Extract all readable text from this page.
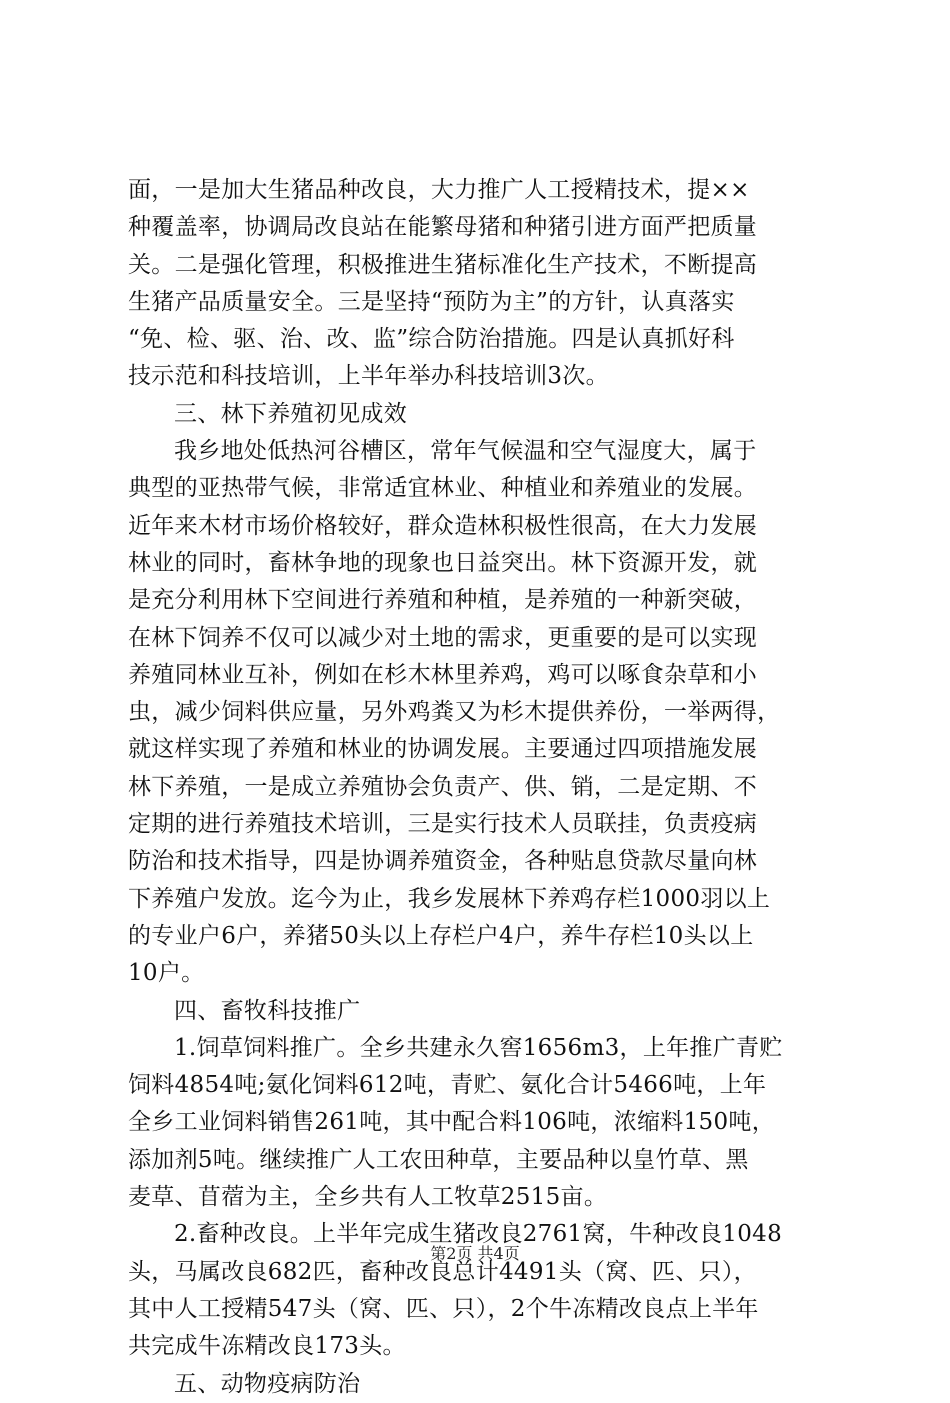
面，一是加大生猪品种改良，大力推广人工授精技术，提××
种覆盖率，协调局改良站在能繁母猪和种猪引进方面严把质量
关。二是强化管理，积极推进生猪标准化生产技术，不断提高
生猪产品质量安全。三是坚持“预防为主”的方针，认真落实
“免、检、驱、治、改、监”综合防治措施。四是认真抓好科
技示范和科技培训，上半年举办科技培训3次。
三、林下养殖初见成效
我乡地处低热河谷槽区，常年气候温和空气湿度大，属于
典型的亚热带气候，非常适宜林业、种植业和养殖业的发展。
近年来木材市场价格较好，群众造林积极性很高，在大力发展
林业的同时，畜林争地的现象也日益突出。林下资源开发，就
是充分利用林下空间进行养殖和种植，是养殖的一种新突破，
在林下饲养不仅可以减少对土地的需求，更重要的是可以实现
养殖同林业互补，例如在杉木林里养鸡，鸡可以啄食杂草和小
虫，减少饲料供应量，另外鸡粪又为杉木提供养份，一举两得，
就这样实现了养殖和林业的协调发展。主要通过四项措施发展
林下养殖，一是成立养殖协会负责产、供、销，二是定期、不
定期的进行养殖技术培训，三是实行技术人员联挂，负责疫病
防治和技术指导，四是协调养殖资金，各种贴息贷款尽量向林
下养殖户发放。迄今为止，我乡发展林下养鸡存栏1000羽以上
的专业户6户，养猪50头以上存栏户4户，养牛存栏10头以上
10户。
四、畜牧科技推广
1.饲草饲料推广。全乡共建永久窖1656m3，上年推广青贮
饲料4854吨;氨化饲料612吨，青贮、氨化合计5466吨，上年
全乡工业饲料销售261吨，其中配合料106吨，浓缩料150吨，
添加剂5吨。继续推广人工农田种草，主要品种以皇竹草、黑
麦草、苜蓿为主，全乡共有人工牧草2515亩。
2.畜种改良。上半年完成生猪改良2761窝，牛种改良1048
头，马属改良682匹，畜种改良总计4491头（窝、匹、只），
其中人工授精547头（窝、匹、只），2个牛冻精改良点上半年
共完成牛冻精改良173头。
五、动物疫病防治
第2页 共4页
